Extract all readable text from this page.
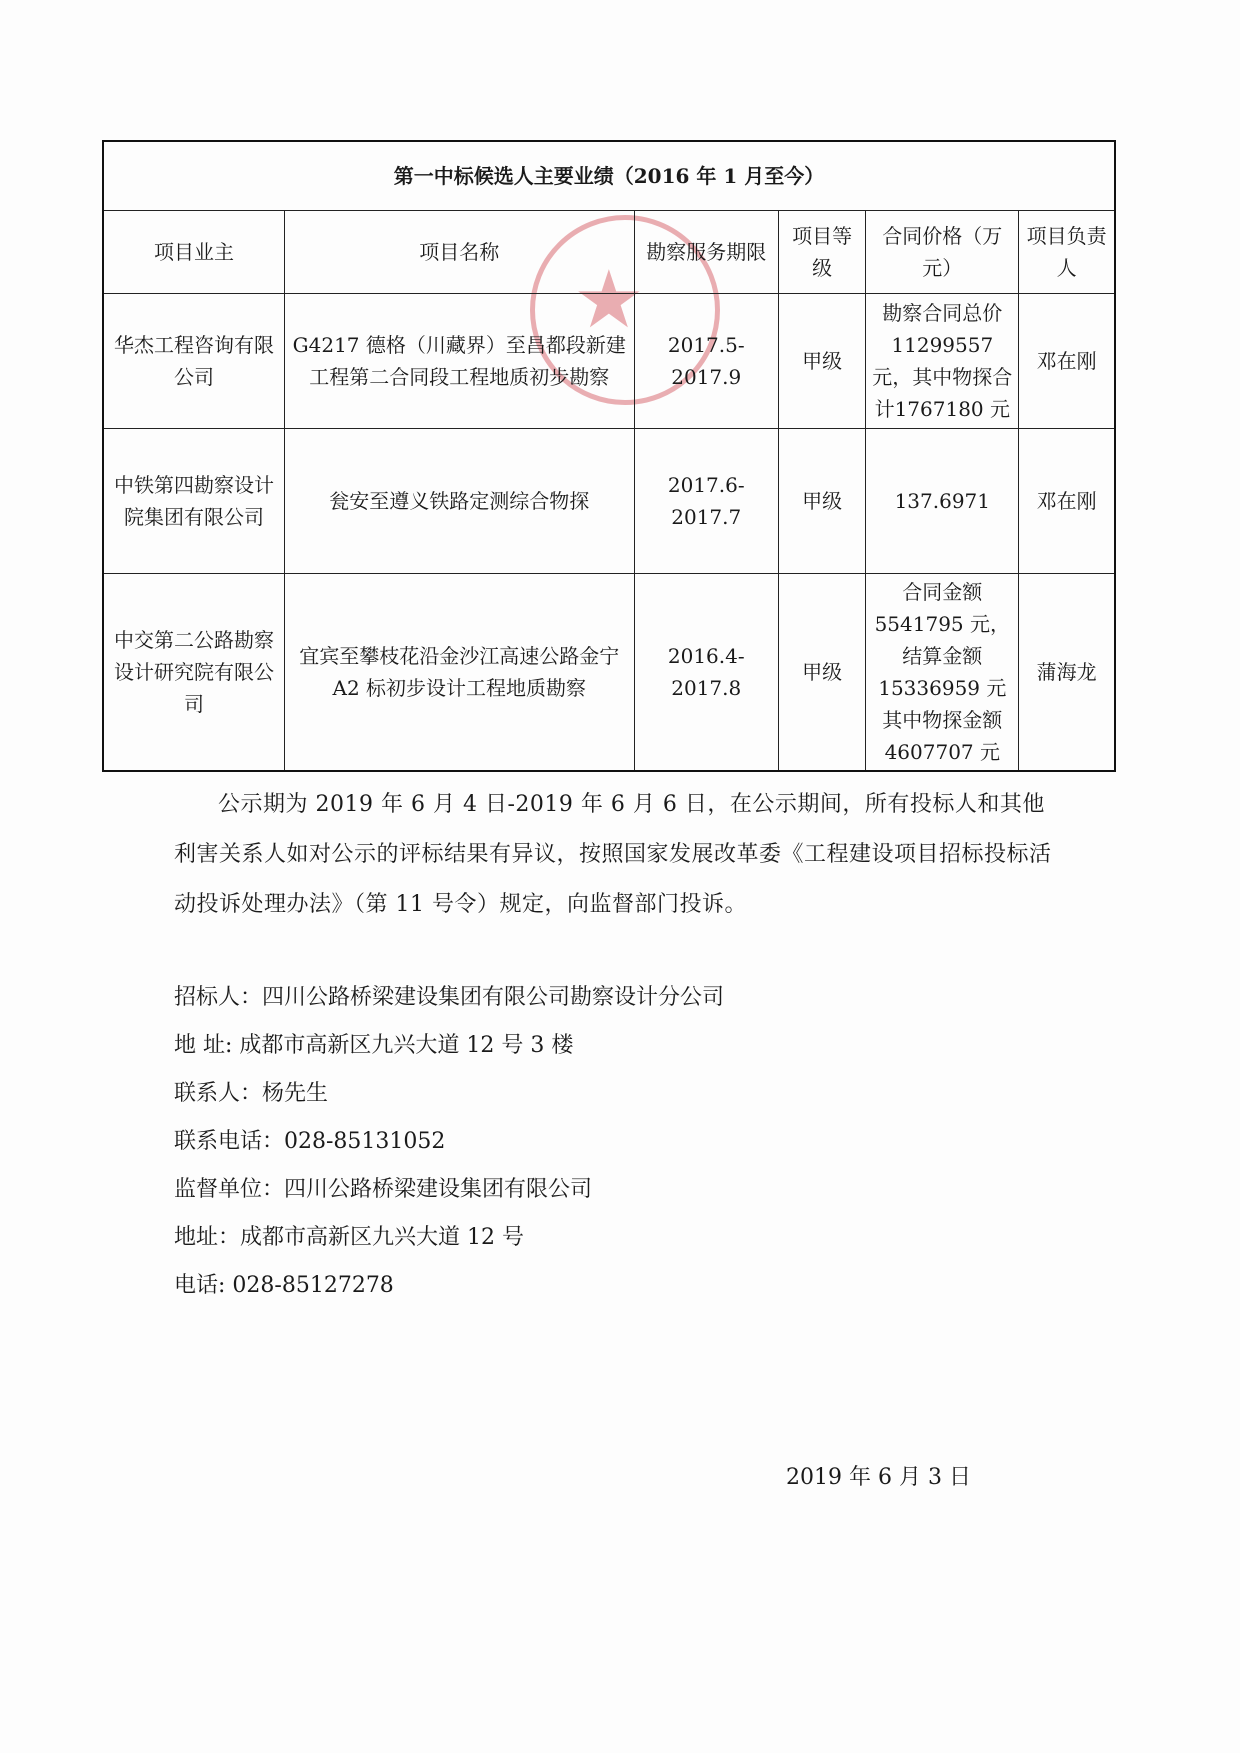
★
第一中标候选人主要业绩（2016 年 1 月至今）					
项目业主	项目名称	勘察服务期限	项目等级	合同价格（万元）	项目负责人
华杰工程咨询有限公司	G4217 德格（川藏界）至昌都段新建工程第二合同段工程地质初步勘察	2017.5-2017.9	甲级	勘察合同总价11299557 元，其中物探合计1767180 元	邓在刚
中铁第四勘察设计院集团有限公司	瓮安至遵义铁路定测综合物探	2017.6-2017.7	甲级	137.6971	邓在刚
中交第二公路勘察设计研究院有限公司	宜宾至攀枝花沿金沙江高速公路金宁 A2 标初步设计工程地质勘察	2016.4-2017.8	甲级	合同金额5541795 元，结算金额15336959 元其中物探金额4607707 元	蒲海龙

公示期为 2019 年 6 月 4 日-2019 年 6 月 6 日，在公示期间，所有投标人和其他利害关系人如对公示的评标结果有异议，按照国家发展改革委《工程建设项目招标投标活动投诉处理办法》（第 11 号令）规定，向监督部门投诉。

招标人：四川公路桥梁建设集团有限公司勘察设计分公司

地 址: 成都市高新区九兴大道 12 号 3 楼

联系人：杨先生

联系电话：028-85131052

监督单位：四川公路桥梁建设集团有限公司

地址：成都市高新区九兴大道 12 号

电话: 028-85127278

2019 年 6 月 3 日
